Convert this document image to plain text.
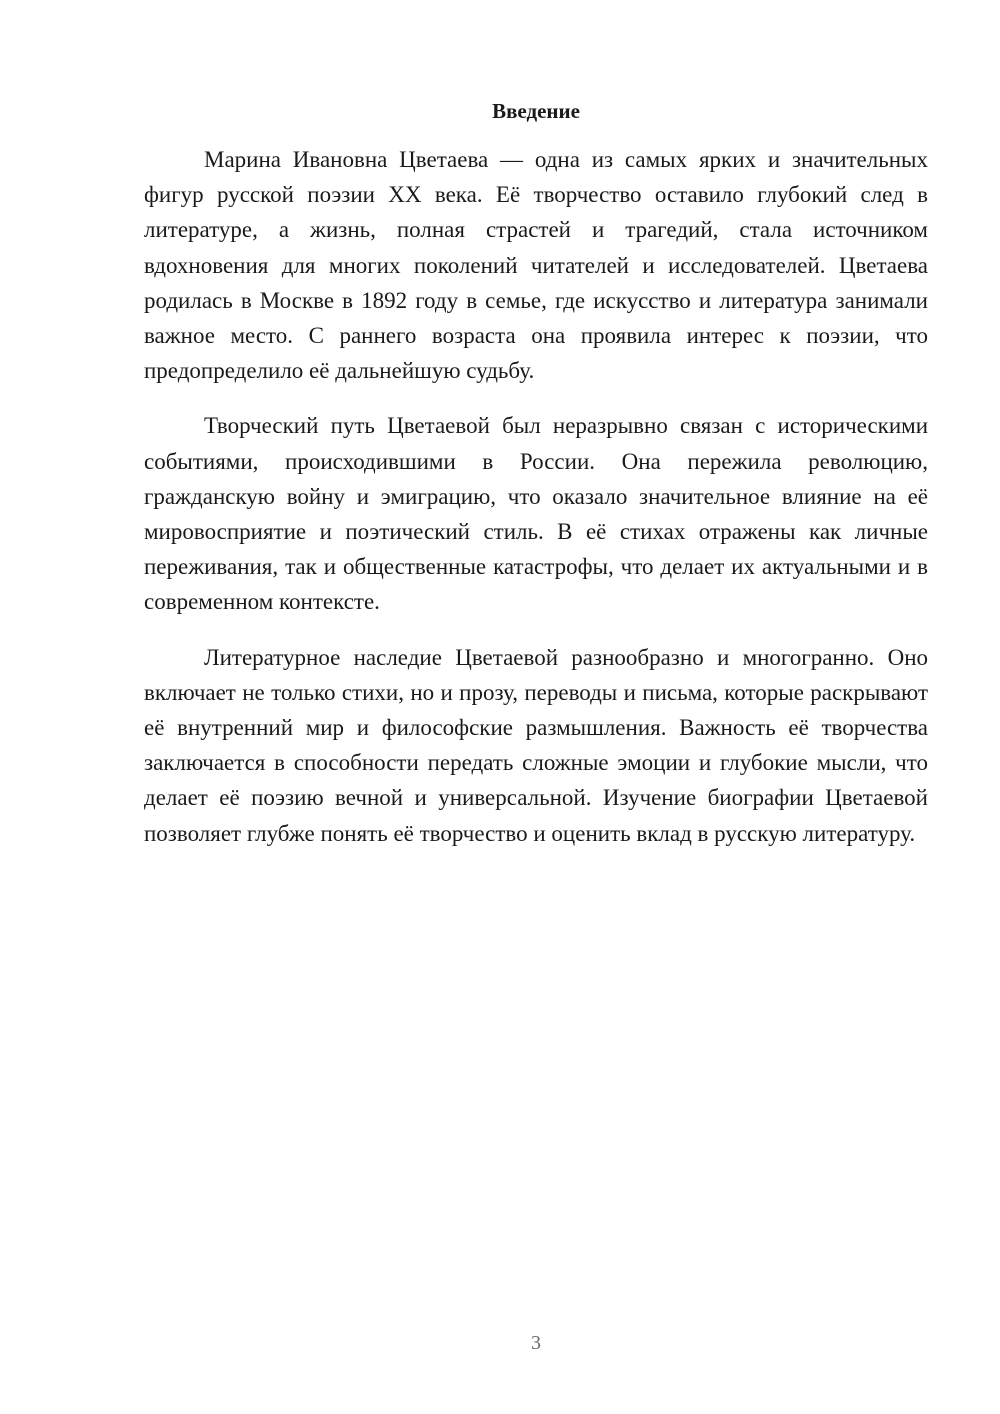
Введение

Марина Ивановна Цветаева — одна из самых ярких и значительных фигур русской поэзии XX века. Её творчество оставило глубокий след в литературе, а жизнь, полная страстей и трагедий, стала источником вдохновения для многих поколений читателей и исследователей. Цветаева родилась в Москве в 1892 году в семье, где искусство и литература занимали важное место. С раннего возраста она проявила интерес к поэзии, что предопределило её дальнейшую судьбу.

Творческий путь Цветаевой был неразрывно связан с историческими событиями, происходившими в России. Она пережила революцию, гражданскую войну и эмиграцию, что оказало значительное влияние на её мировосприятие и поэтический стиль. В её стихах отражены как личные переживания, так и общественные катастрофы, что делает их актуальными и в современном контексте.

Литературное наследие Цветаевой разнообразно и многогранно. Оно включает не только стихи, но и прозу, переводы и письма, которые раскрывают её внутренний мир и философские размышления. Важность её творчества заключается в способности передать сложные эмоции и глубокие мысли, что делает её поэзию вечной и универсальной. Изучение биографии Цветаевой позволяет глубже понять её творчество и оценить вклад в русскую литературу.

3
